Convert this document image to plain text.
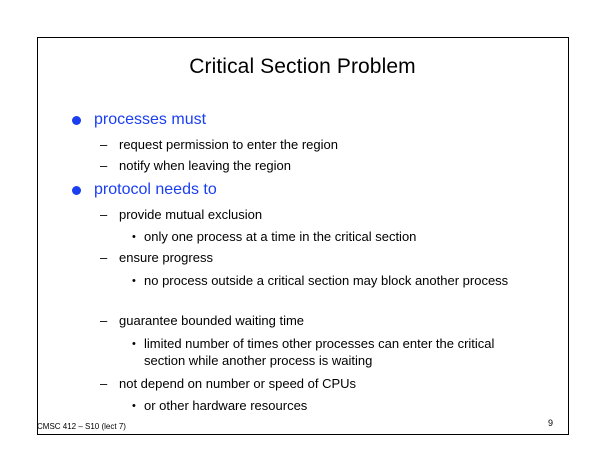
Critical Section Problem
processes must
– request permission to enter the region
– notify when leaving the region
protocol needs to
– provide mutual exclusion
• only one process at a time in the critical section
– ensure progress
• no process outside a critical section may block another process
– guarantee bounded waiting time
• limited number of times other processes can enter the critical section while another process is waiting
– not depend on number or speed of CPUs
• or other hardware resources
CMSC 412 – S10 (lect 7)	9
